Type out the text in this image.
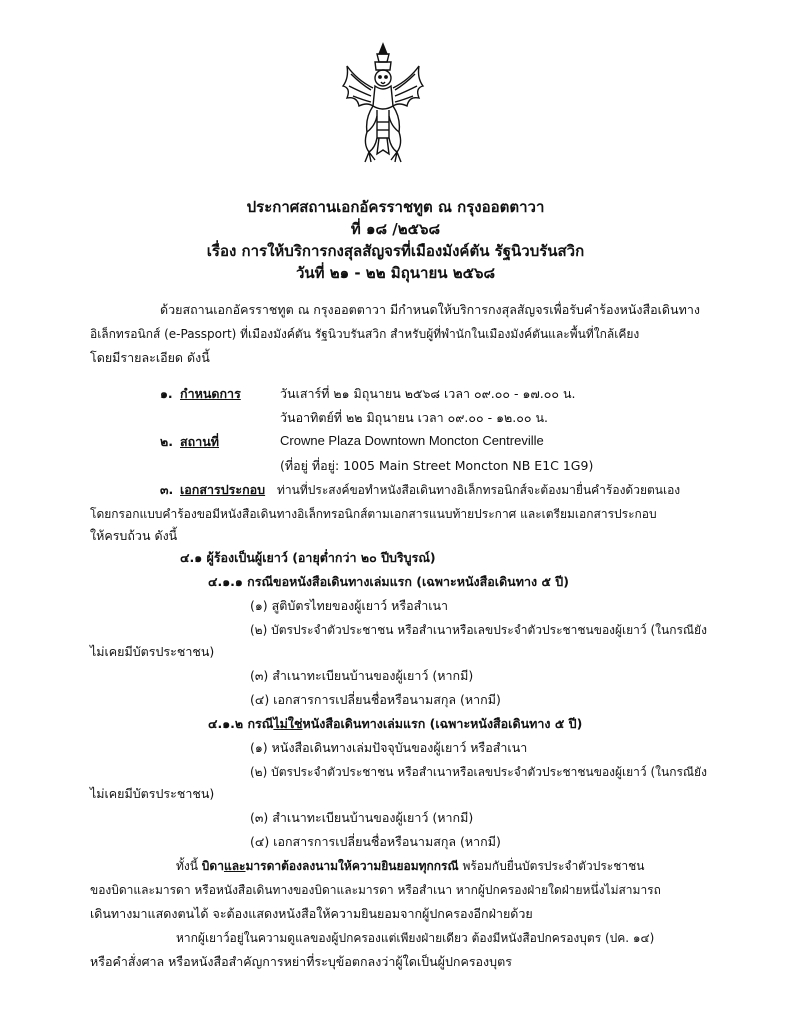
ประกาศสถานเอกอัครราชทูต ณ กรุงออตตาวา
ที่ ๑๘ /๒๕๖๘
เรื่อง การให้บริการกงสุลสัญจรที่เมืองมังค์ตัน รัฐนิวบรันสวิก
วันที่ ๒๑ - ๒๒ มิถุนายน ๒๕๖๘
ด้วยสถานเอกอัครราชทูต ณ กรุงออตตาวา มีกำหนดให้บริการกงสุลสัญจรเพื่อรับคำร้องหนังสือเดินทาง
อิเล็กทรอนิกส์ (e-Passport) ที่เมืองมังค์ตัน รัฐนิวบรันสวิก สำหรับผู้ที่พำนักในเมืองมังค์ตันและพื้นที่ใกล้เคียง
โดยมีรายละเอียด ดังนี้
๑. กำหนดการ	วันเสาร์ที่ ๒๑ มิถุนายน ๒๕๖๘ เวลา ๐๙.๐๐ - ๑๗.๐๐ น.
วันอาทิตย์ที่ ๒๒ มิถุนายน เวลา ๐๙.๐๐ - ๑๒.๐๐ น.
๒. สถานที่	Crowne Plaza Downtown Moncton Centreville
(ที่อยู่ ที่อยู่: 1005 Main Street Moncton NB E1C 1G9)
๓. เอกสารประกอบ ท่านที่ประสงค์ขอทำหนังสือเดินทางอิเล็กทรอนิกส์จะต้องมายื่นคำร้องด้วยตนเอง
โดยกรอกแบบคำร้องขอมีหนังสือเดินทางอิเล็กทรอนิกส์ตามเอกสารแนบท้ายประกาศ และเตรียมเอกสารประกอบ
ให้ครบถ้วน ดังนี้
๔.๑ ผู้ร้องเป็นผู้เยาว์ (อายุต่ำกว่า ๒๐ ปีบริบูรณ์)
๔.๑.๑ กรณีขอหนังสือเดินทางเล่มแรก (เฉพาะหนังสือเดินทาง ๕ ปี)
(๑) สูติบัตรไทยของผู้เยาว์ หรือสำเนา
(๒) บัตรประจำตัวประชาชน หรือสำเนาหรือเลขประจำตัวประชาชนของผู้เยาว์ (ในกรณียัง
ไม่เคยมีบัตรประชาชน)
(๓) สำเนาทะเบียนบ้านของผู้เยาว์ (หากมี)
(๔) เอกสารการเปลี่ยนชื่อหรือนามสกุล (หากมี)
๔.๑.๒ กรณีไม่ใช่หนังสือเดินทางเล่มแรก (เฉพาะหนังสือเดินทาง ๕ ปี)
(๑) หนังสือเดินทางเล่มปัจจุบันของผู้เยาว์ หรือสำเนา
(๒) บัตรประจำตัวประชาชน หรือสำเนาหรือเลขประจำตัวประชาชนของผู้เยาว์ (ในกรณียัง
ไม่เคยมีบัตรประชาชน)
(๓) สำเนาทะเบียนบ้านของผู้เยาว์ (หากมี)
(๔) เอกสารการเปลี่ยนชื่อหรือนามสกุล (หากมี)
ทั้งนี้ บิดาและมารดาต้องลงนามให้ความยินยอมทุกกรณี พร้อมกับยื่นบัตรประจำตัวประชาชน
ของบิดาและมารดา หรือหนังสือเดินทางของบิดาและมารดา หรือสำเนา หากผู้ปกครองฝ่ายใดฝ่ายหนึ่งไม่สามารถ
เดินทางมาแสดงตนได้ จะต้องแสดงหนังสือให้ความยินยอมจากผู้ปกครองอีกฝ่ายด้วย
หากผู้เยาว์อยู่ในความดูแลของผู้ปกครองแต่เพียงฝ่ายเดียว ต้องมีหนังสือปกครองบุตร (ปค. ๑๔)
หรือคำสั่งศาล หรือหนังสือสำคัญการหย่าที่ระบุข้อตกลงว่าผู้ใดเป็นผู้ปกครองบุตร
